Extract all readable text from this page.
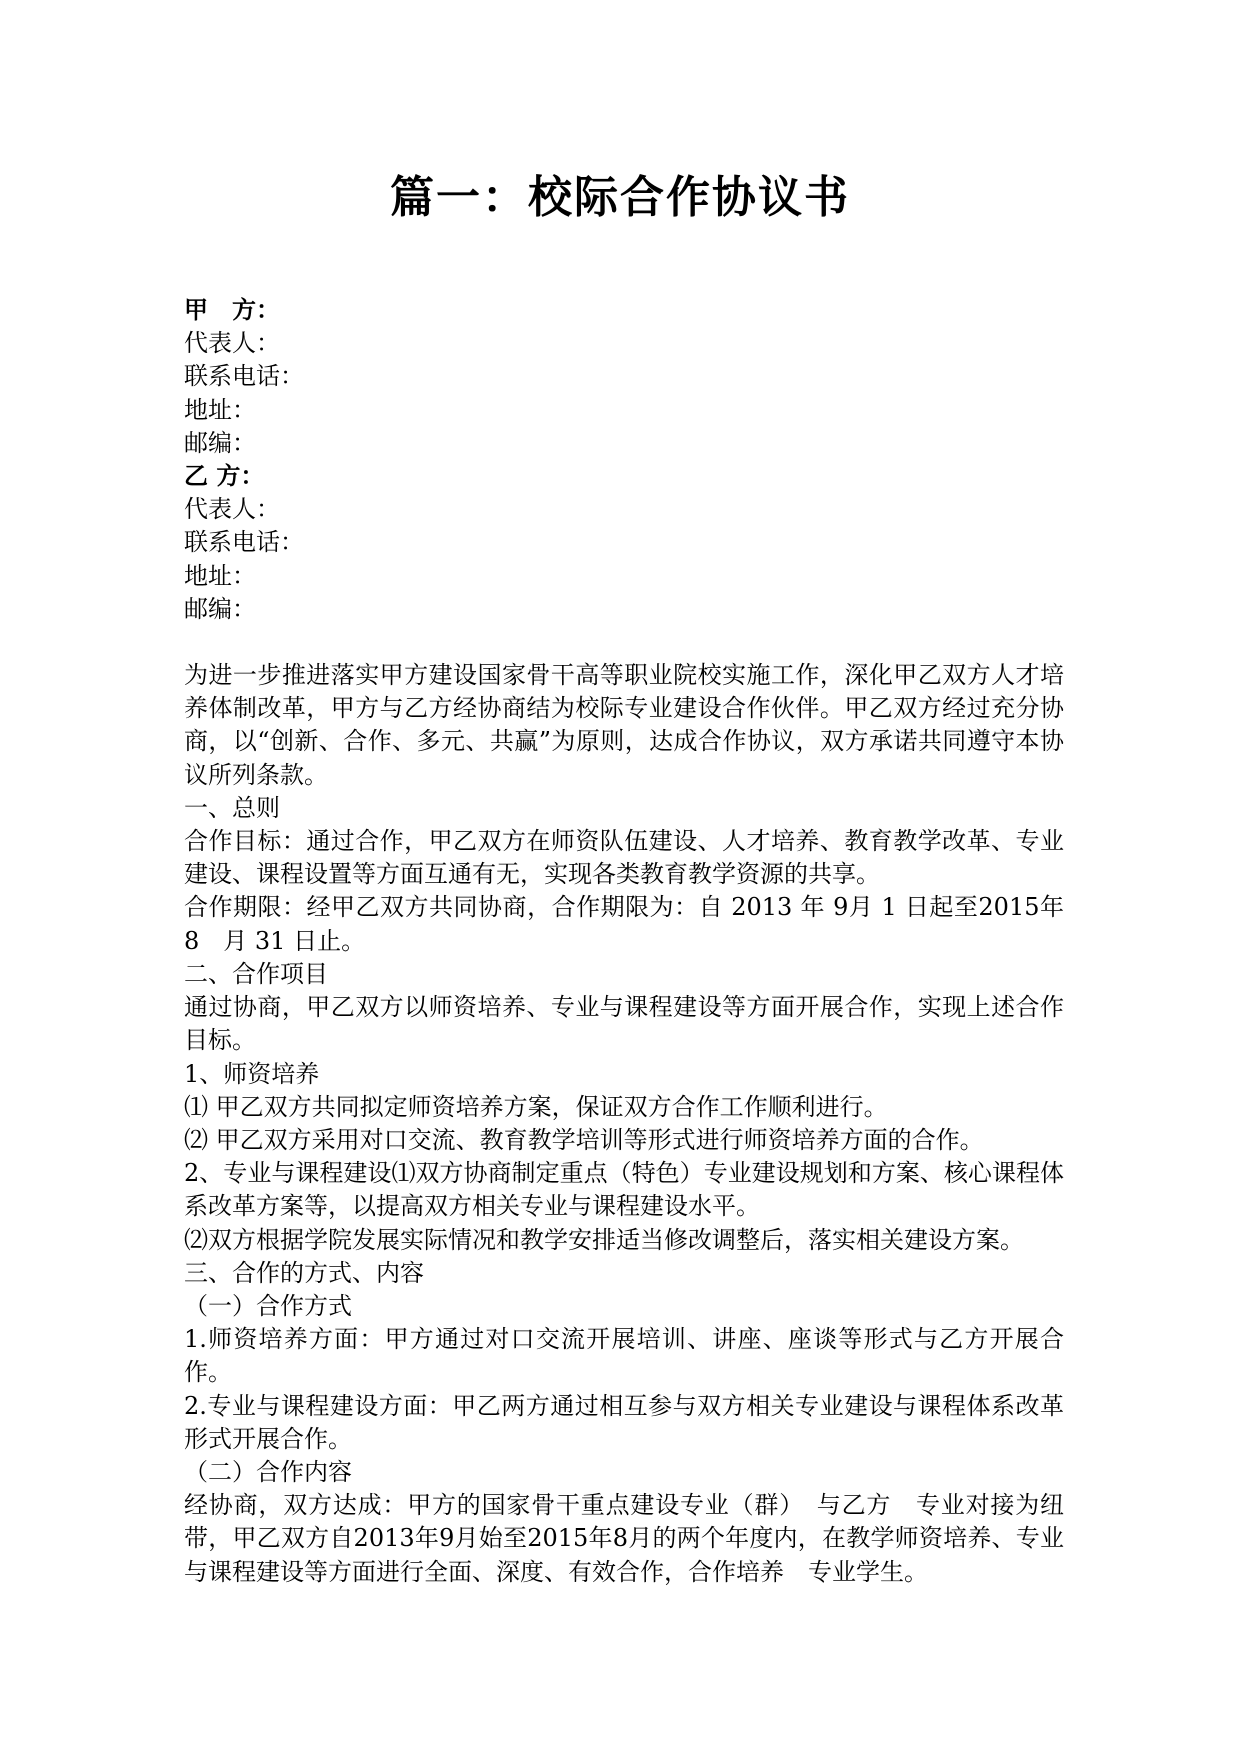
篇一：校际合作协议书
甲　方：
代表人：
联系电话：
地址：
邮编：
乙 方：
代表人：
联系电话：
地址：
邮编：
为进一步推进落实甲方建设国家骨干高等职业院校实施工作，深化甲乙双方人才培养体制改革，甲方与乙方经协商结为校际专业建设合作伙伴。甲乙双方经过充分协商，以“创新、合作、多元、共赢”为原则，达成合作协议，双方承诺共同遵守本协议所列条款。
一、总则
合作目标：通过合作，甲乙双方在师资队伍建设、人才培养、教育教学改革、专业建设、课程设置等方面互通有无，实现各类教育教学资源的共享。
合作期限：经甲乙双方共同协商，合作期限为：自 2013 年 9月 1 日起至2015年 8　月 31 日止。
二、合作项目
通过协商，甲乙双方以师资培养、专业与课程建设等方面开展合作，实现上述合作目标。
1、师资培养
⑴ 甲乙双方共同拟定师资培养方案，保证双方合作工作顺利进行。
⑵ 甲乙双方采用对口交流、教育教学培训等形式进行师资培养方面的合作。
2、专业与课程建设⑴双方协商制定重点（特色）专业建设规划和方案、核心课程体系改革方案等，以提高双方相关专业与课程建设水平。
⑵双方根据学院发展实际情况和教学安排适当修改调整后，落实相关建设方案。
三、合作的方式、内容
（一）合作方式
1.师资培养方面：甲方通过对口交流开展培训、讲座、座谈等形式与乙方开展合作。
2.专业与课程建设方面：甲乙两方通过相互参与双方相关专业建设与课程体系改革形式开展合作。
（二）合作内容
经协商，双方达成：甲方的国家骨干重点建设专业（群）　与乙方　专业对接为纽带，甲乙双方自2013年9月始至2015年8月的两个年度内，在教学师资培养、专业与课程建设等方面进行全面、深度、有效合作，合作培养　专业学生。
